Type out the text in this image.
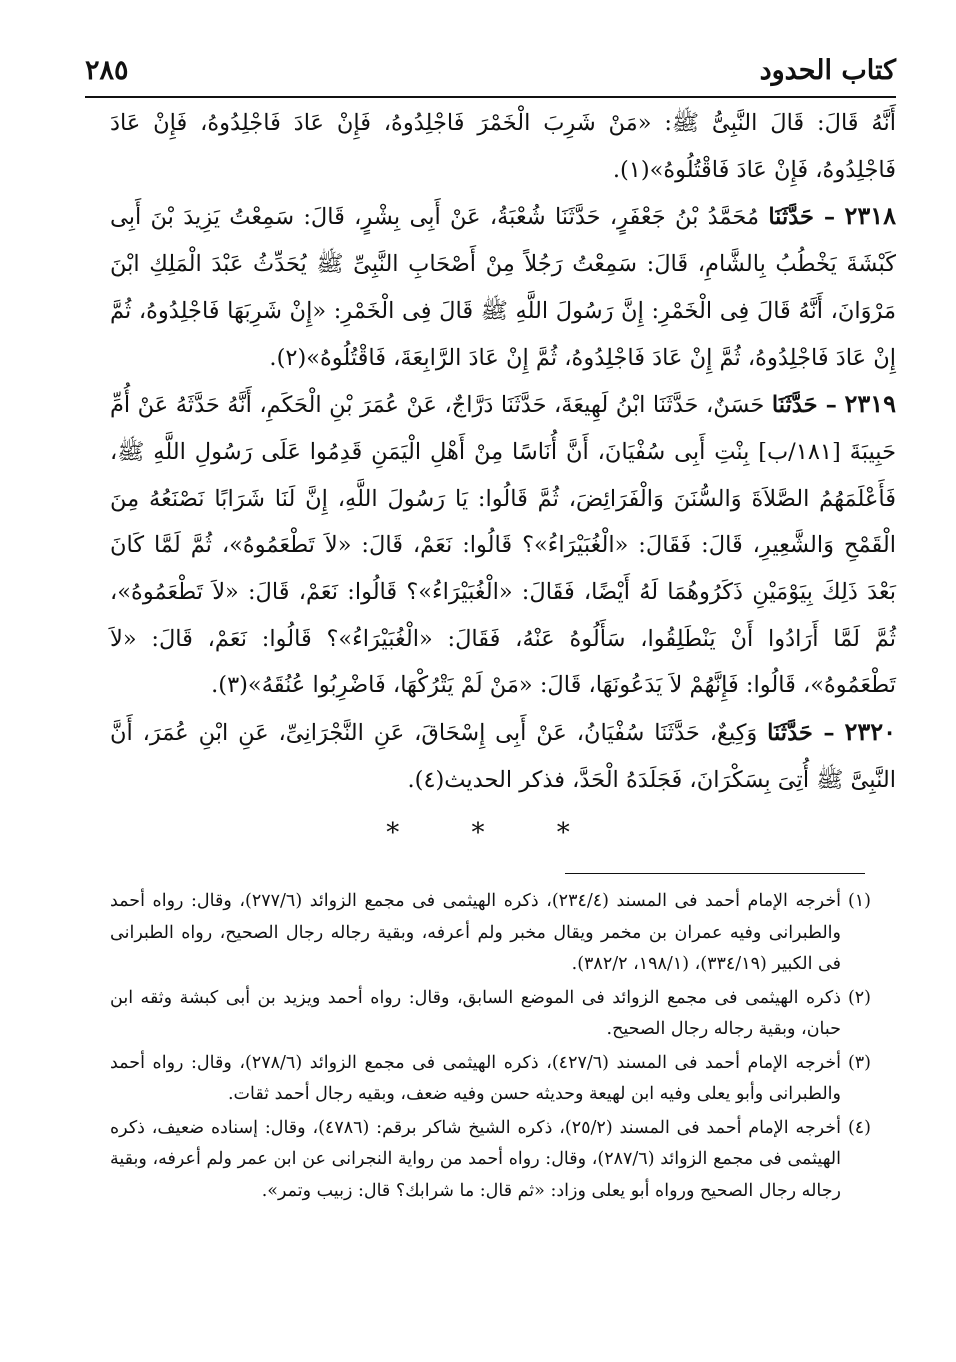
كتاب الحدود
٢٨٥

أَنَّهُ قَالَ: قَالَ النَّبِىُّ ﷺ: «مَنْ شَرِبَ الْخَمْرَ فَاجْلِدُوهُ، فَإِنْ عَادَ فَاجْلِدُوهُ، فَإِنْ عَادَ فَاجْلِدُوهُ، فَإِنْ عَادَ فَاقْتُلُوهُ»(١).

٢٣١٨ – حَدَّثَنَا مُحَمَّدُ بْنُ جَعْفَرٍ، حَدَّثَنَا شُعْبَةُ، عَنْ أَبِى بِشْرٍ، قَالَ: سَمِعْتُ يَزِيدَ بْنَ أَبِى كَبْشَةَ يَخْطُبُ بِالشَّامِ، قَالَ: سَمِعْتُ رَجُلاً مِنْ أَصْحَابِ النَّبِىِّ ﷺ يُحَدِّثُ عَبْدَ الْمَلِكِ ابْنَ مَرْوَانَ، أَنَّهُ قَالَ فِى الْخَمْرِ: إِنَّ رَسُولَ اللَّهِ ﷺ قَالَ فِى الْخَمْرِ: «إِنْ شَرِبَهَا فَاجْلِدُوهُ، ثُمَّ إِنْ عَادَ فَاجْلِدُوهُ، ثُمَّ إِنْ عَادَ فَاجْلِدُوهُ، ثُمَّ إِنْ عَادَ الرَّابِعَةَ، فَاقْتُلُوهُ»(٢).

٢٣١٩ – حَدَّثَنَا حَسَنٌ، حَدَّثَنَا ابْنُ لَهِيعَةَ، حَدَّثَنَا دَرَّاجٌ، عَنْ عُمَرَ بْنِ الْحَكَمِ، أَنَّهُ حَدَّثَهُ عَنْ أُمِّ حَبِيبَةَ [١٨١/ب] بِنْتِ أَبِى سُفْيَانَ، أَنَّ أُنَاسًا مِنْ أَهْلِ الْيَمَنِ قَدِمُوا عَلَى رَسُولِ اللَّهِ ﷺ، فَأَعْلَمَهُمُ الصَّلاَةَ وَالسُّنَنَ وَالْفَرَائِضَ، ثُمَّ قَالُوا: يَا رَسُولَ اللَّهِ، إِنَّ لَنَا شَرَابًا نَصْنَعُهُ مِنَ الْقَمْحِ وَالشَّعِيرِ، قَالَ: فَقَالَ: «الْغُبَيْرَاءُ»؟ قَالُوا: نَعَمْ، قَالَ: «لاَ تَطْعَمُوهُ»، ثُمَّ لَمَّا كَانَ بَعْدَ ذَلِكَ بِيَوْمَيْنِ ذَكَرُوهُمَا لَهُ أَيْضًا، فَقَالَ: «الْغُبَيْرَاءُ»؟ قَالُوا: نَعَمْ، قَالَ: «لاَ تَطْعَمُوهُ»، ثُمَّ لَمَّا أَرَادُوا أَنْ يَنْطَلِقُوا، سَأَلُوهُ عَنْهُ، فَقَالَ: «الْغُبَيْرَاءُ»؟ قَالُوا: نَعَمْ، قَالَ: «لاَ تَطْعَمُوهُ»، قَالُوا: فَإِنَّهُمْ لاَ يَدَعُونَهَا، قَالَ: «مَنْ لَمْ يَتْرُكْهَا، فَاضْرِبُوا عُنُقَهُ»(٣).

٢٣٢٠ – حَدَّثَنَا وَكِيعٌ، حَدَّثَنَا سُفْيَانُ، عَنْ أَبِى إِسْحَاقَ، عَنِ النَّجْرَانِىِّ، عَنِ ابْنِ عُمَرَ، أَنَّ النَّبِىَّ ﷺ أُتِىَ بِسَكْرَانَ، فَجَلَدَهُ الْحَدَّ، فذكر الحديث(٤).

* * *

(١)
أخرجه الإمام أحمد فى المسند (٢٣٤/٤)، ذكره الهيثمى فى مجمع الزوائد (٢٧٧/٦)، وقال: رواه أحمد والطبرانى وفيه عمران بن مخمر ويقال مخبر ولم أعرفه، وبقية رجاله رجال الصحيح، رواه الطبرانى فى الكبير (٣٣٤/١٩)، (١٩٨/١، ٣٨٢/٢).

(٢)
ذكره الهيثمى فى مجمع الزوائد فى الموضع السابق، وقال: رواه أحمد ويزيد بن أبى كبشة وثقه ابن حبان، وبقية رجاله رجال الصحيح.

(٣)
أخرجه الإمام أحمد فى المسند (٤٢٧/٦)، ذكره الهيثمى فى مجمع الزوائد (٢٧٨/٦)، وقال: رواه أحمد والطبرانى وأبو يعلى وفيه ابن لهيعة وحديثه حسن وفيه ضعف، وبقيه رجال أحمد ثقات.

(٤)
أخرجه الإمام أحمد فى المسند (٢٥/٢)، ذكره الشيخ شاكر برقم: (٤٧٨٦)، وقال: إسناده ضعيف، ذكره الهيثمى فى مجمع الزوائد (٢٨٧/٦)، وقال: رواه أحمد من رواية النجرانى عن ابن عمر ولم أعرفه، وبقية رجاله رجال الصحيح ورواه أبو يعلى وزاد: «ثم قال: ما شرابك؟ قال: زبيب وتمر».
